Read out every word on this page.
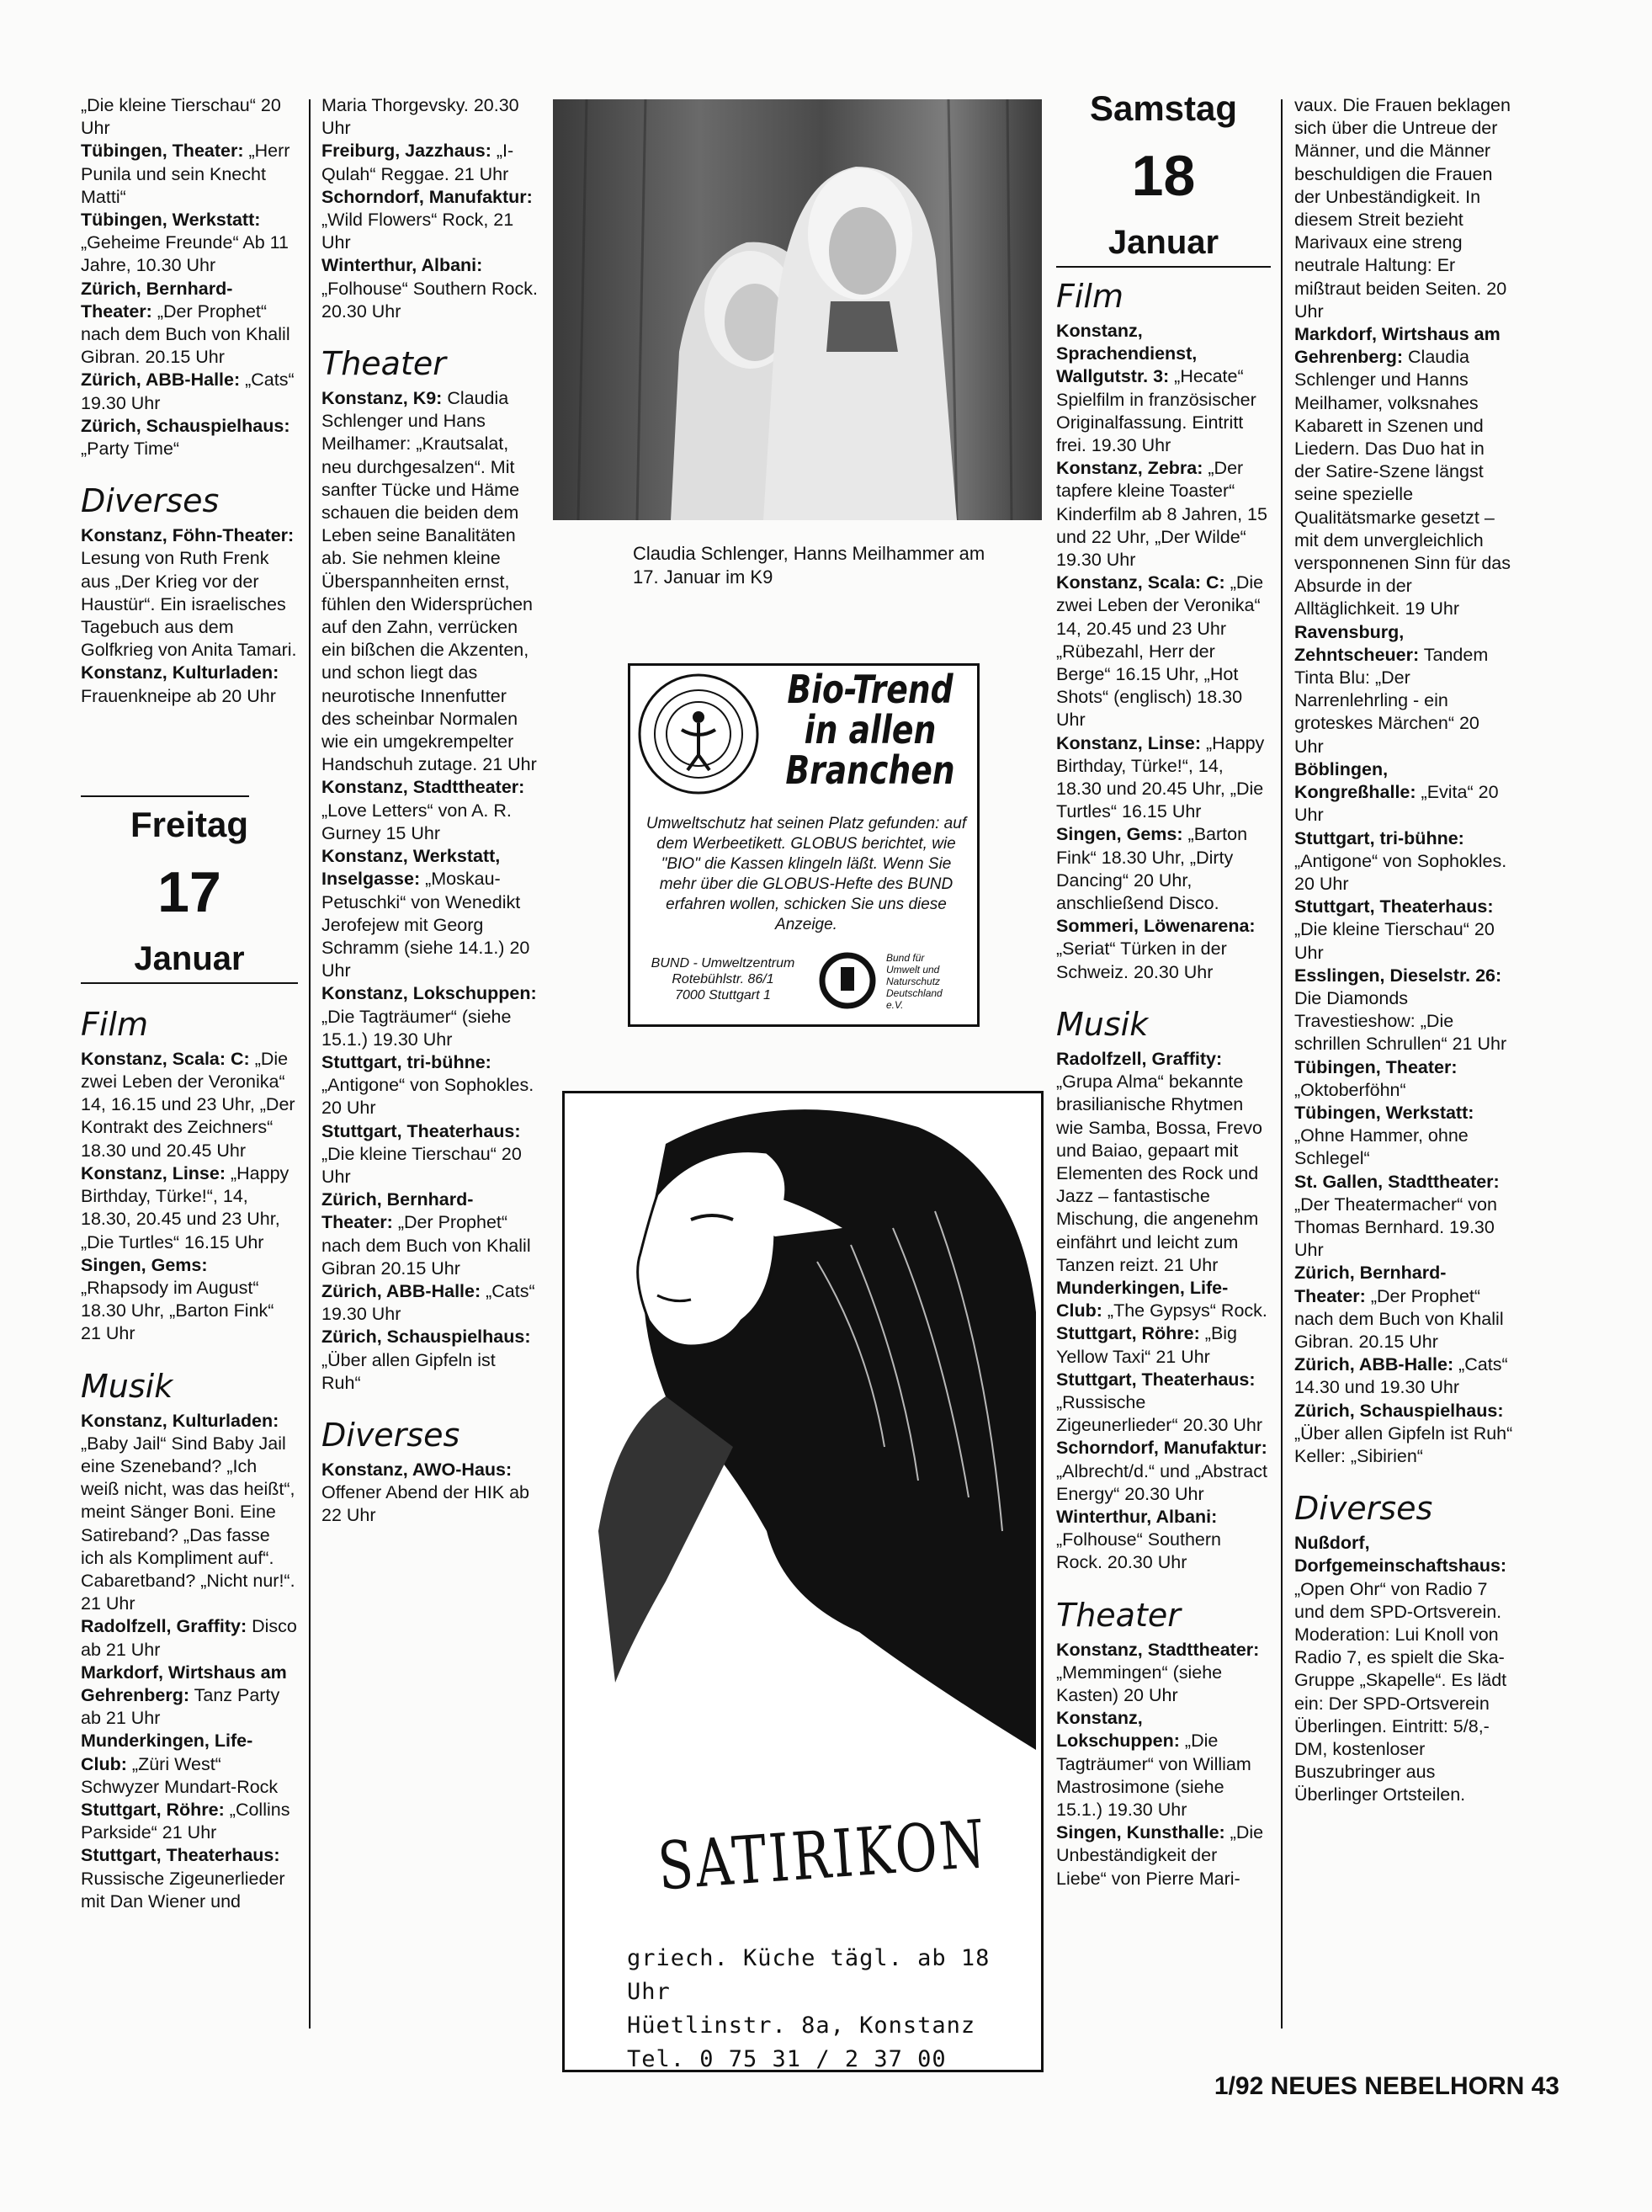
„Die kleine Tierschau“ 20 Uhr

Tübingen, Theater: „Herr Punila und sein Knecht Matti“

Tübingen, Werkstatt: „Geheime Freunde“ Ab 11 Jahre, 10.30 Uhr

Zürich, Bernhard-Theater: „Der Prophet“ nach dem Buch von Khalil Gibran. 20.15 Uhr

Zürich, ABB-Halle: „Cats“ 19.30 Uhr

Zürich, Schauspielhaus: „Party Time“

Diverses

Konstanz, Föhn-Theater: Lesung von Ruth Frenk aus „Der Krieg vor der Haustür“. Ein israelisches Tagebuch aus dem Golfkrieg von Anita Tamari.

Konstanz, Kulturladen: Frauenkneipe ab 20 Uhr

Freitag
17
Januar
Film

Konstanz, Scala: C: „Die zwei Leben der Veronika“ 14, 16.15 und 23 Uhr, „Der Kontrakt des Zeichners“ 18.30 und 20.45 Uhr

Konstanz, Linse: „Happy Birthday, Türke!“, 14, 18.30, 20.45 und 23 Uhr, „Die Turtles“ 16.15 Uhr

Singen, Gems: „Rhapsody im August“ 18.30 Uhr, „Barton Fink“ 21 Uhr

Musik

Konstanz, Kulturladen: „Baby Jail“ Sind Baby Jail eine Szeneband? „Ich weiß nicht, was das heißt“, meint Sänger Boni. Eine Satireband? „Das fasse ich als Kompliment auf“. Cabaretband? „Nicht nur!“. 21 Uhr

Radolfzell, Graffity: Disco ab 21 Uhr

Markdorf, Wirtshaus am Gehrenberg: Tanz Party ab 21 Uhr

Munderkingen, Life-Club: „Züri West“ Schwyzer Mundart-Rock

Stuttgart, Röhre: „Collins Parkside“ 21 Uhr

Stuttgart, Theaterhaus: Russische Zigeunerlieder mit Dan Wiener und

Maria Thorgevsky. 20.30 Uhr

Freiburg, Jazzhaus: „I-Qulah“ Reggae. 21 Uhr

Schorndorf, Manufaktur: „Wild Flowers“ Rock, 21 Uhr

Winterthur, Albani: „Folhouse“ Southern Rock. 20.30 Uhr

Theater

Konstanz, K9: Claudia Schlenger und Hans Meilhamer: „Krautsalat, neu durchgesalzen“. Mit sanfter Tücke und Häme schauen die beiden dem Leben seine Banalitäten ab. Sie nehmen kleine Überspannheiten ernst, fühlen den Widersprüchen auf den Zahn, verrücken ein bißchen die Akzenten, und schon liegt das neurotische Innenfutter des scheinbar Normalen wie ein umgekrempelter Handschuh zutage. 21 Uhr

Konstanz, Stadttheater: „Love Letters“ von A. R. Gurney 15 Uhr

Konstanz, Werkstatt, Inselgasse: „Moskau-Petuschki“ von Wenedikt Jerofejew mit Georg Schramm (siehe 14.1.) 20 Uhr

Konstanz, Lokschuppen: „Die Tagträumer“ (siehe 15.1.) 19.30 Uhr

Stuttgart, tri-bühne: „Antigone“ von Sophokles. 20 Uhr

Stuttgart, Theaterhaus: „Die kleine Tierschau“ 20 Uhr

Zürich, Bernhard-Theater: „Der Prophet“ nach dem Buch von Khalil Gibran 20.15 Uhr

Zürich, ABB-Halle: „Cats“ 19.30 Uhr

Zürich, Schauspielhaus: „Über allen Gipfeln ist Ruh“

Diverses

Konstanz, AWO-Haus: Offener Abend der HIK ab 22 Uhr

Claudia Schlenger, Hanns Meilhammer am 17. Januar im K9
Bio-Trend
in allen
Branchen
Umweltschutz hat seinen Platz gefunden: auf dem Werbeetikett. GLOBUS berichtet, wie "BIO" die Kassen klingeln läßt. Wenn Sie mehr über die GLOBUS-Hefte des BUND erfahren wollen, schicken Sie uns diese Anzeige.
BUND - Umweltzentrum
Rotebühlstr. 86/1
7000 Stuttgart 1
Bund für
Umwelt und
Naturschutz
Deutschland
e.V.
SATIRIKON
griech. Küche tägl. ab 18 Uhr
Hüetlinstr. 8a, Konstanz
Tel. 0 75 31 / 2 37 00
Samstag
18
Januar
Film

Konstanz, Sprachendienst, Wallgutstr. 3: „Hecate“ Spielfilm in französischer Originalfassung. Eintritt frei. 19.30 Uhr

Konstanz, Zebra: „Der tapfere kleine Toaster“ Kinderfilm ab 8 Jahren, 15 und 22 Uhr, „Der Wilde“ 19.30 Uhr

Konstanz, Scala: C: „Die zwei Leben der Veronika“ 14, 20.45 und 23 Uhr „Rübezahl, Herr der Berge“ 16.15 Uhr, „Hot Shots“ (englisch) 18.30 Uhr

Konstanz, Linse: „Happy Birthday, Türke!“, 14, 18.30 und 20.45 Uhr, „Die Turtles“ 16.15 Uhr

Singen, Gems: „Barton Fink“ 18.30 Uhr, „Dirty Dancing“ 20 Uhr, anschließend Disco.

Sommeri, Löwenarena: „Seriat“ Türken in der Schweiz. 20.30 Uhr

Musik

Radolfzell, Graffity: „Grupa Alma“ bekannte brasilianische Rhytmen wie Samba, Bossa, Frevo und Baiao, gepaart mit Elementen des Rock und Jazz – fantastische Mischung, die angenehm einfährt und leicht zum Tanzen reizt. 21 Uhr

Munderkingen, Life-Club: „The Gypsys“ Rock.

Stuttgart, Röhre: „Big Yellow Taxi“ 21 Uhr

Stuttgart, Theaterhaus: „Russische Zigeunerlieder“ 20.30 Uhr

Schorndorf, Manufaktur: „Albrecht/d.“ und „Abstract Energy“ 20.30 Uhr

Winterthur, Albani: „Folhouse“ Southern Rock. 20.30 Uhr

Theater

Konstanz, Stadttheater: „Memmingen“ (siehe Kasten) 20 Uhr

Konstanz, Lokschuppen: „Die Tagträumer“ von William Mastrosimone (siehe 15.1.) 19.30 Uhr

Singen, Kunsthalle: „Die Unbeständigkeit der Liebe“ von Pierre Mari-

vaux. Die Frauen beklagen sich über die Untreue der Männer, und die Männer beschuldigen die Frauen der Unbeständigkeit. In diesem Streit bezieht Marivaux eine streng neutrale Haltung: Er mißtraut beiden Seiten. 20 Uhr

Markdorf, Wirtshaus am Gehrenberg: Claudia Schlenger und Hanns Meilhamer, volksnahes Kabarett in Szenen und Liedern. Das Duo hat in der Satire-Szene längst seine spezielle Qualitätsmarke gesetzt – mit dem unvergleichlich versponnenen Sinn für das Absurde in der Alltäglichkeit. 19 Uhr

Ravensburg, Zehntscheuer: Tandem Tinta Blu: „Der Narrenlehrling - ein groteskes Märchen“ 20 Uhr

Böblingen, Kongreßhalle: „Evita“ 20 Uhr

Stuttgart, tri-bühne: „Antigone“ von Sophokles. 20 Uhr

Stuttgart, Theaterhaus: „Die kleine Tierschau“ 20 Uhr

Esslingen, Dieselstr. 26: Die Diamonds Travestieshow: „Die schrillen Schrullen“ 21 Uhr

Tübingen, Theater: „Oktoberföhn“

Tübingen, Werkstatt: „Ohne Hammer, ohne Schlegel“

St. Gallen, Stadttheater: „Der Theatermacher“ von Thomas Bernhard. 19.30 Uhr

Zürich, Bernhard-Theater: „Der Prophet“ nach dem Buch von Khalil Gibran. 20.15 Uhr

Zürich, ABB-Halle: „Cats“ 14.30 und 19.30 Uhr

Zürich, Schauspielhaus: „Über allen Gipfeln ist Ruh“ Keller: „Sibirien“

Diverses

Nußdorf, Dorfgemeinschaftshaus: „Open Ohr“ von Radio 7 und dem SPD-Ortsverein. Moderation: Lui Knoll von Radio 7, es spielt die Ska-Gruppe „Skapelle“. Es lädt ein: Der SPD-Ortsverein Überlingen. Eintritt: 5/8,- DM, kostenloser Buszubringer aus Überlinger Ortsteilen.

1/92 NEUES NEBELHORN 43
